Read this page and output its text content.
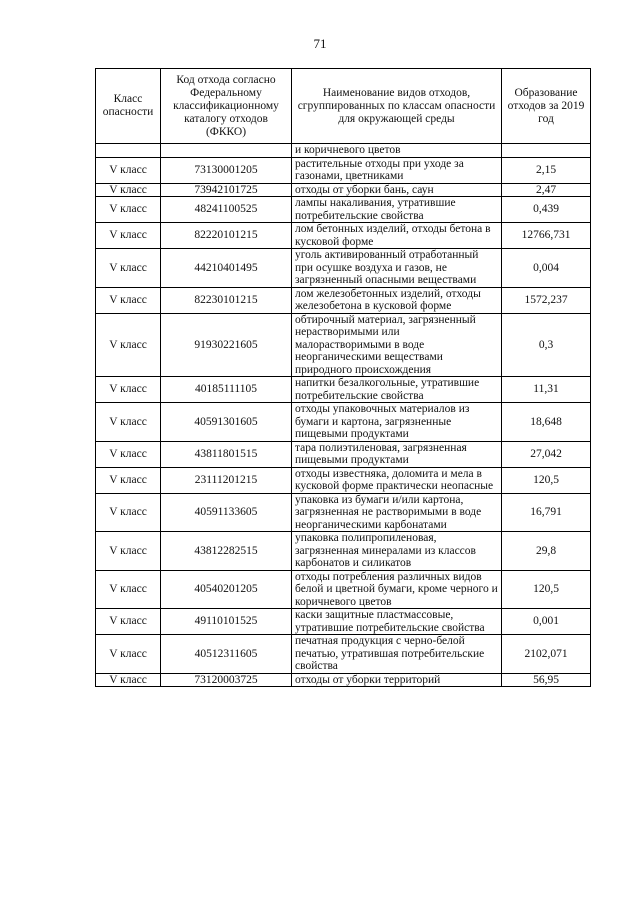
71
Класс опасности	Код отхода согласно Федеральному классификационному каталогу отходов (ФККО)	Наименование видов отходов, сгруппированных по классам опасности для окружающей среды	Образование отходов за 2019 год
		и коричневого цветов	
V класс	73130001205	растительные отходы при уходе за газонами, цветниками	2,15
V класс	73942101725	отходы от уборки бань, саун	2,47
V класс	48241100525	лампы накаливания, утратившие потребительские свойства	0,439
V класс	82220101215	лом бетонных изделий, отходы бетона в кусковой форме	12766,731
V класс	44210401495	уголь активированный отработанный при осушке воздуха и газов, не загрязненный опасными веществами	0,004
V класс	82230101215	лом железобетонных изделий, отходы железобетона в кусковой форме	1572,237
V класс	91930221605	обтирочный материал, загрязненный нерастворимыми или малорастворимыми в воде неорганическими веществами природного происхождения	0,3
V класс	40185111105	напитки безалкогольные, утратившие потребительские свойства	11,31
V класс	40591301605	отходы упаковочных материалов из бумаги и картона, загрязненные пищевыми продуктами	18,648
V класс	43811801515	тара полиэтиленовая, загрязненная пищевыми продуктами	27,042
V класс	23111201215	отходы известняка, доломита и мела в кусковой форме практически неопасные	120,5
V класс	40591133605	упаковка из бумаги и/или картона, загрязненная не растворимыми в воде неорганическими карбонатами	16,791
V класс	43812282515	упаковка полипропиленовая, загрязненная минералами из классов карбонатов и силикатов	29,8
V класс	40540201205	отходы потребления различных видов белой и цветной бумаги, кроме черного и коричневого цветов	120,5
V класс	49110101525	каски защитные пластмассовые, утратившие потребительские свойства	0,001
V класс	40512311605	печатная продукция с черно-белой печатью, утратившая потребительские свойства	2102,071
V класс	73120003725	отходы от уборки территорий	56,95
